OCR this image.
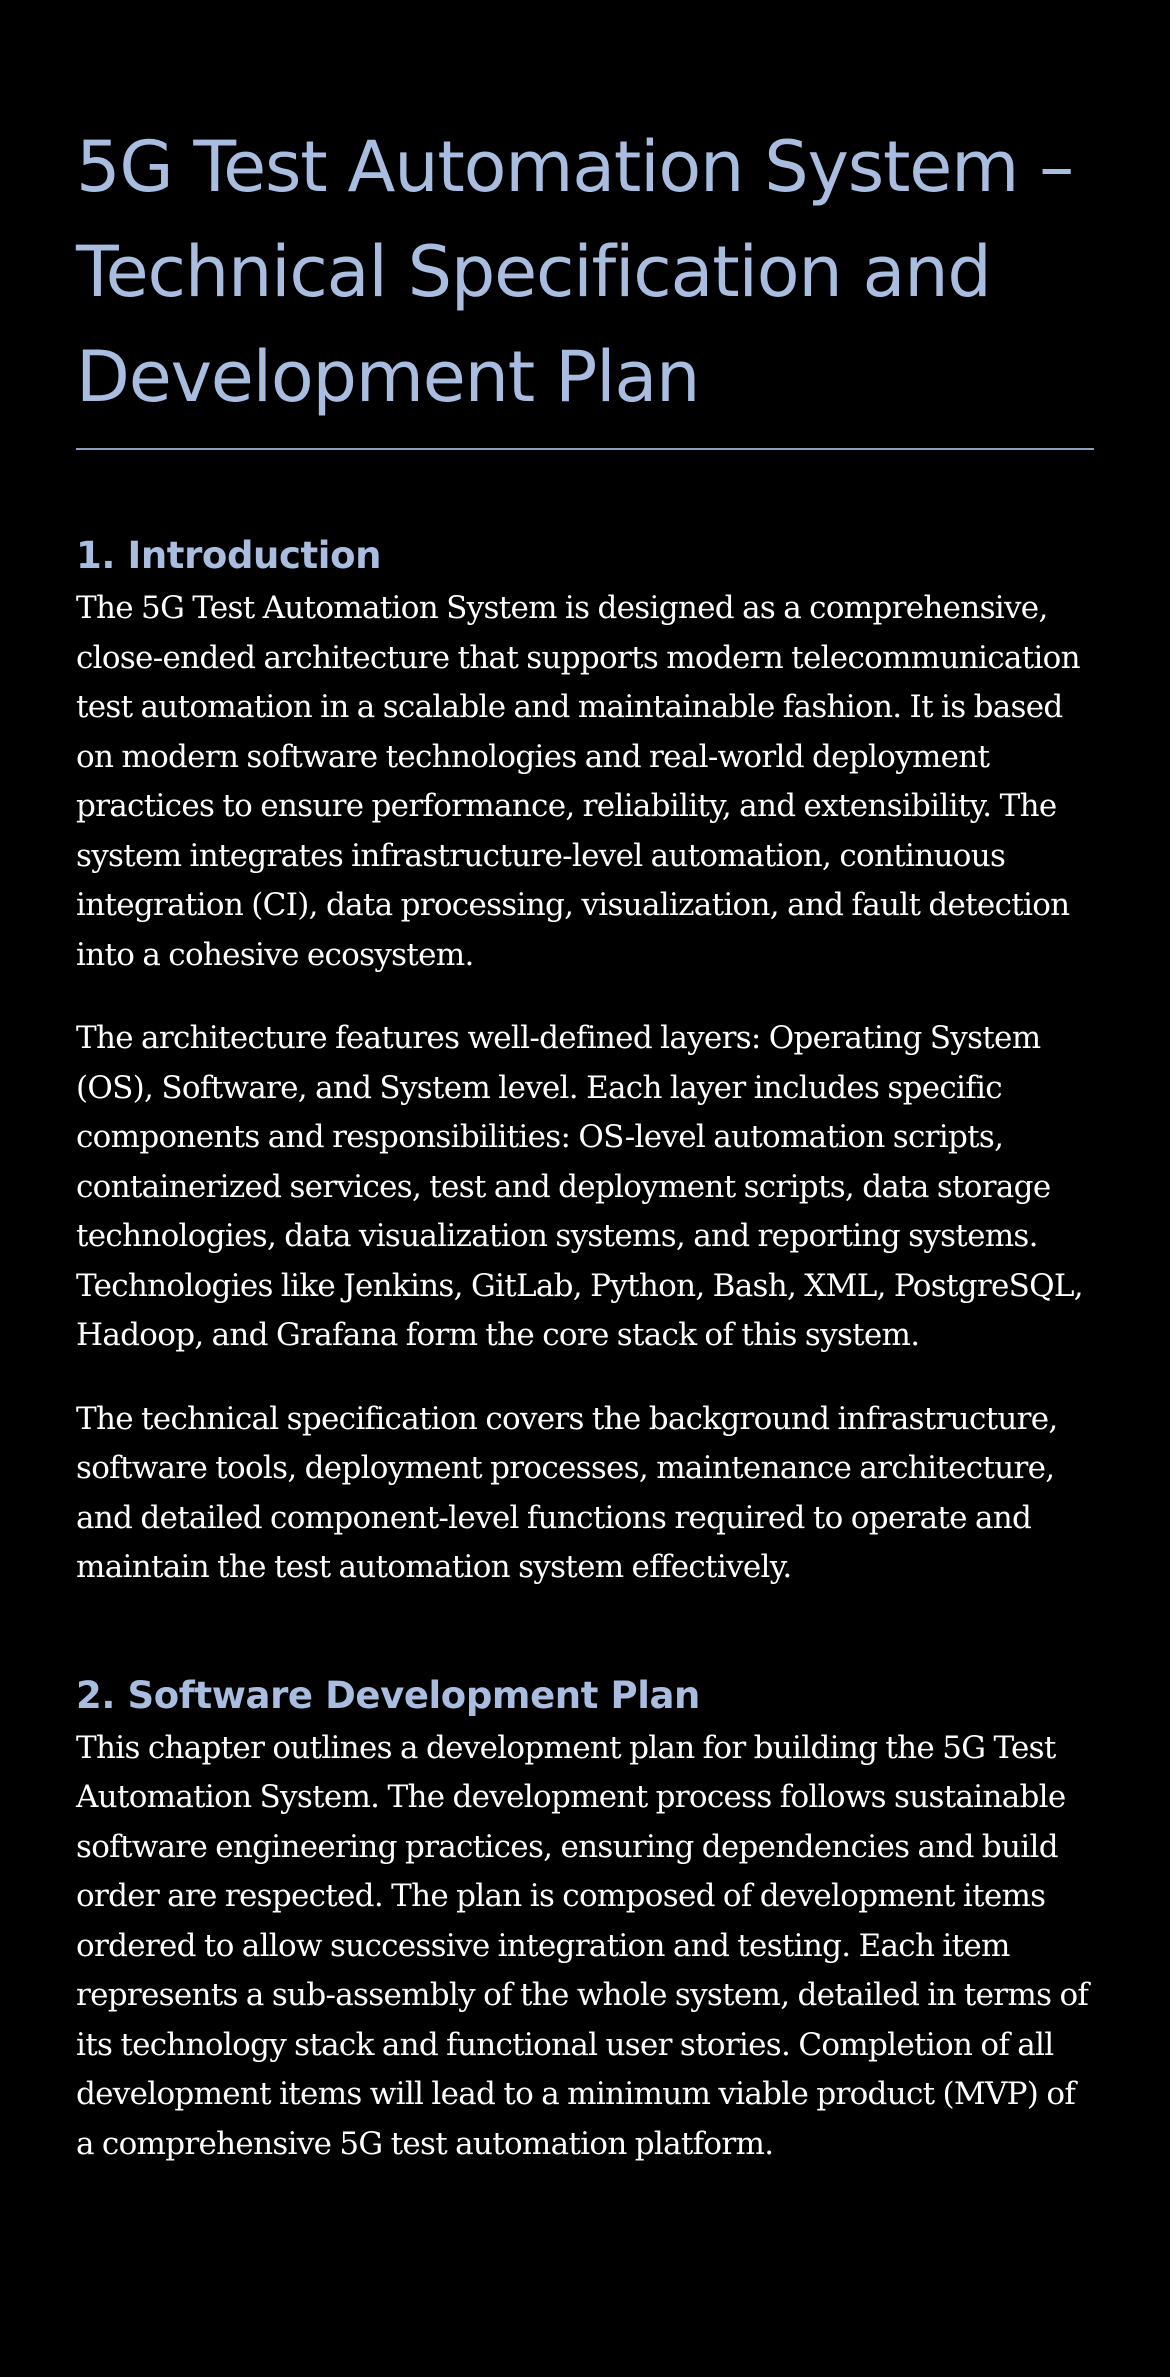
5G Test Automation System – Technical Specification and Development Plan
1. Introduction

The 5G Test Automation System is designed as a comprehensive, close-ended architecture that supports modern telecommunication test automation in a scalable and maintainable fashion. It is based on modern software technologies and real-world deployment practices to ensure performance, reliability, and extensibility. The system integrates infrastructure-level automation, continuous integration (CI), data processing, visualization, and fault detection into a cohesive ecosystem.

The architecture features well-defined layers: Operating System (OS), Software, and System level. Each layer includes specific components and responsibilities: OS-level automation scripts, containerized services, test and deployment scripts, data storage technologies, data visualization systems, and reporting systems. Technologies like Jenkins, GitLab, Python, Bash, XML, PostgreSQL, Hadoop, and Grafana form the core stack of this system.

The technical specification covers the background infrastructure, software tools, deployment processes, maintenance architecture, and detailed component-level functions required to operate and maintain the test automation system effectively.

2. Software Development Plan

This chapter outlines a development plan for building the 5G Test Automation System. The development process follows sustainable software engineering practices, ensuring dependencies and build order are respected. The plan is composed of development items ordered to allow successive integration and testing. Each item represents a sub-assembly of the whole system, detailed in terms of its technology stack and functional user stories. Completion of all development items will lead to a minimum viable product (MVP) of a comprehensive 5G test automation platform.
